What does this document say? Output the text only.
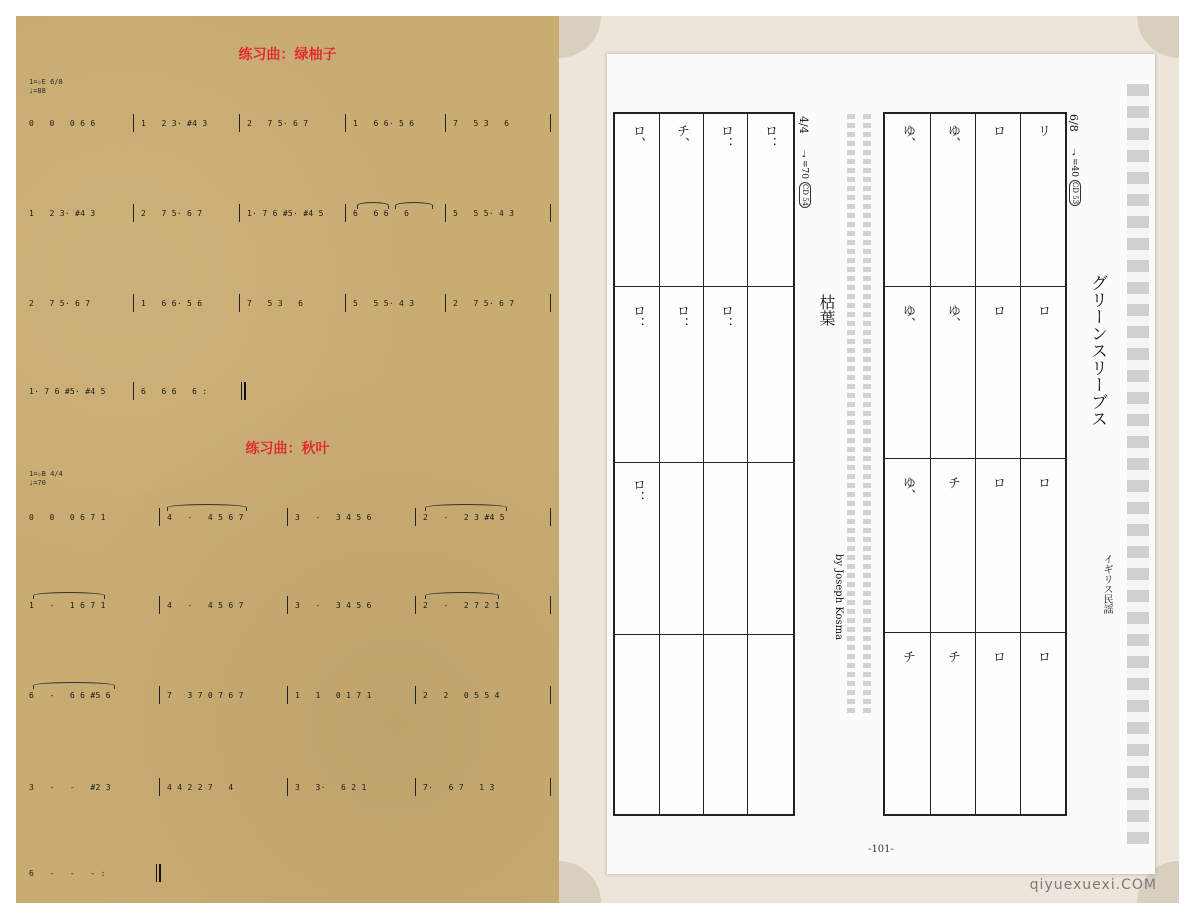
练习曲：绿柚子
1=♭E 6/8
♩=88
0   0   0 6 6	1   2 3· #4 3	2   7 5· 6 7	1   6 6· 5 6	7   5 3   6
1   2 3· #4 3	2   7 5· 6 7	1· 7 6 #5· #4 5	6   6 6   6	5   5 5· 4 3
2   7 5· 6 7	1   6 6· 5 6	7   5 3   6	5   5 5· 4 3	2   7 5· 6 7
1· 7 6 #5· #4 5	6   6 6   6 :
练习曲：秋叶
1=♭B 4/4
♩=70
0   0   0 6 7 1	4   -   4 5 6 7	3   -   3 4 5 6	2   -   2 3 #4 5
1   -   1 6 7 1	4   -   4 5 6 7	3   -   3 4 5 6	2   -   2 7 2 1
6   -   6 6 #5 6	7   3 7 0 7 6 7	1   1   0 1 7 1	2   2   0 5 5 4
3   -   -   #2 3	4 4 2 2 7   4	3   3·   6 2 1	7·   6 7   1 3
6   -   -   - :
ロ、 チ、 ロ： ロ：
ロ： ロ： ロ：
ロ：
4/4
♩=70
CD 54
枯葉
by Joseph Kosma
ゆ、 ゆ、 ロ リ
ゆ、 ゆ、 ロ ロ
ゆ、 チ ロ ロ
チ チ ロ ロ
6/8
♩=40
CD 53
グリーンスリーブス
イギリス民謡
-101-
qiyuexuexi.COM
